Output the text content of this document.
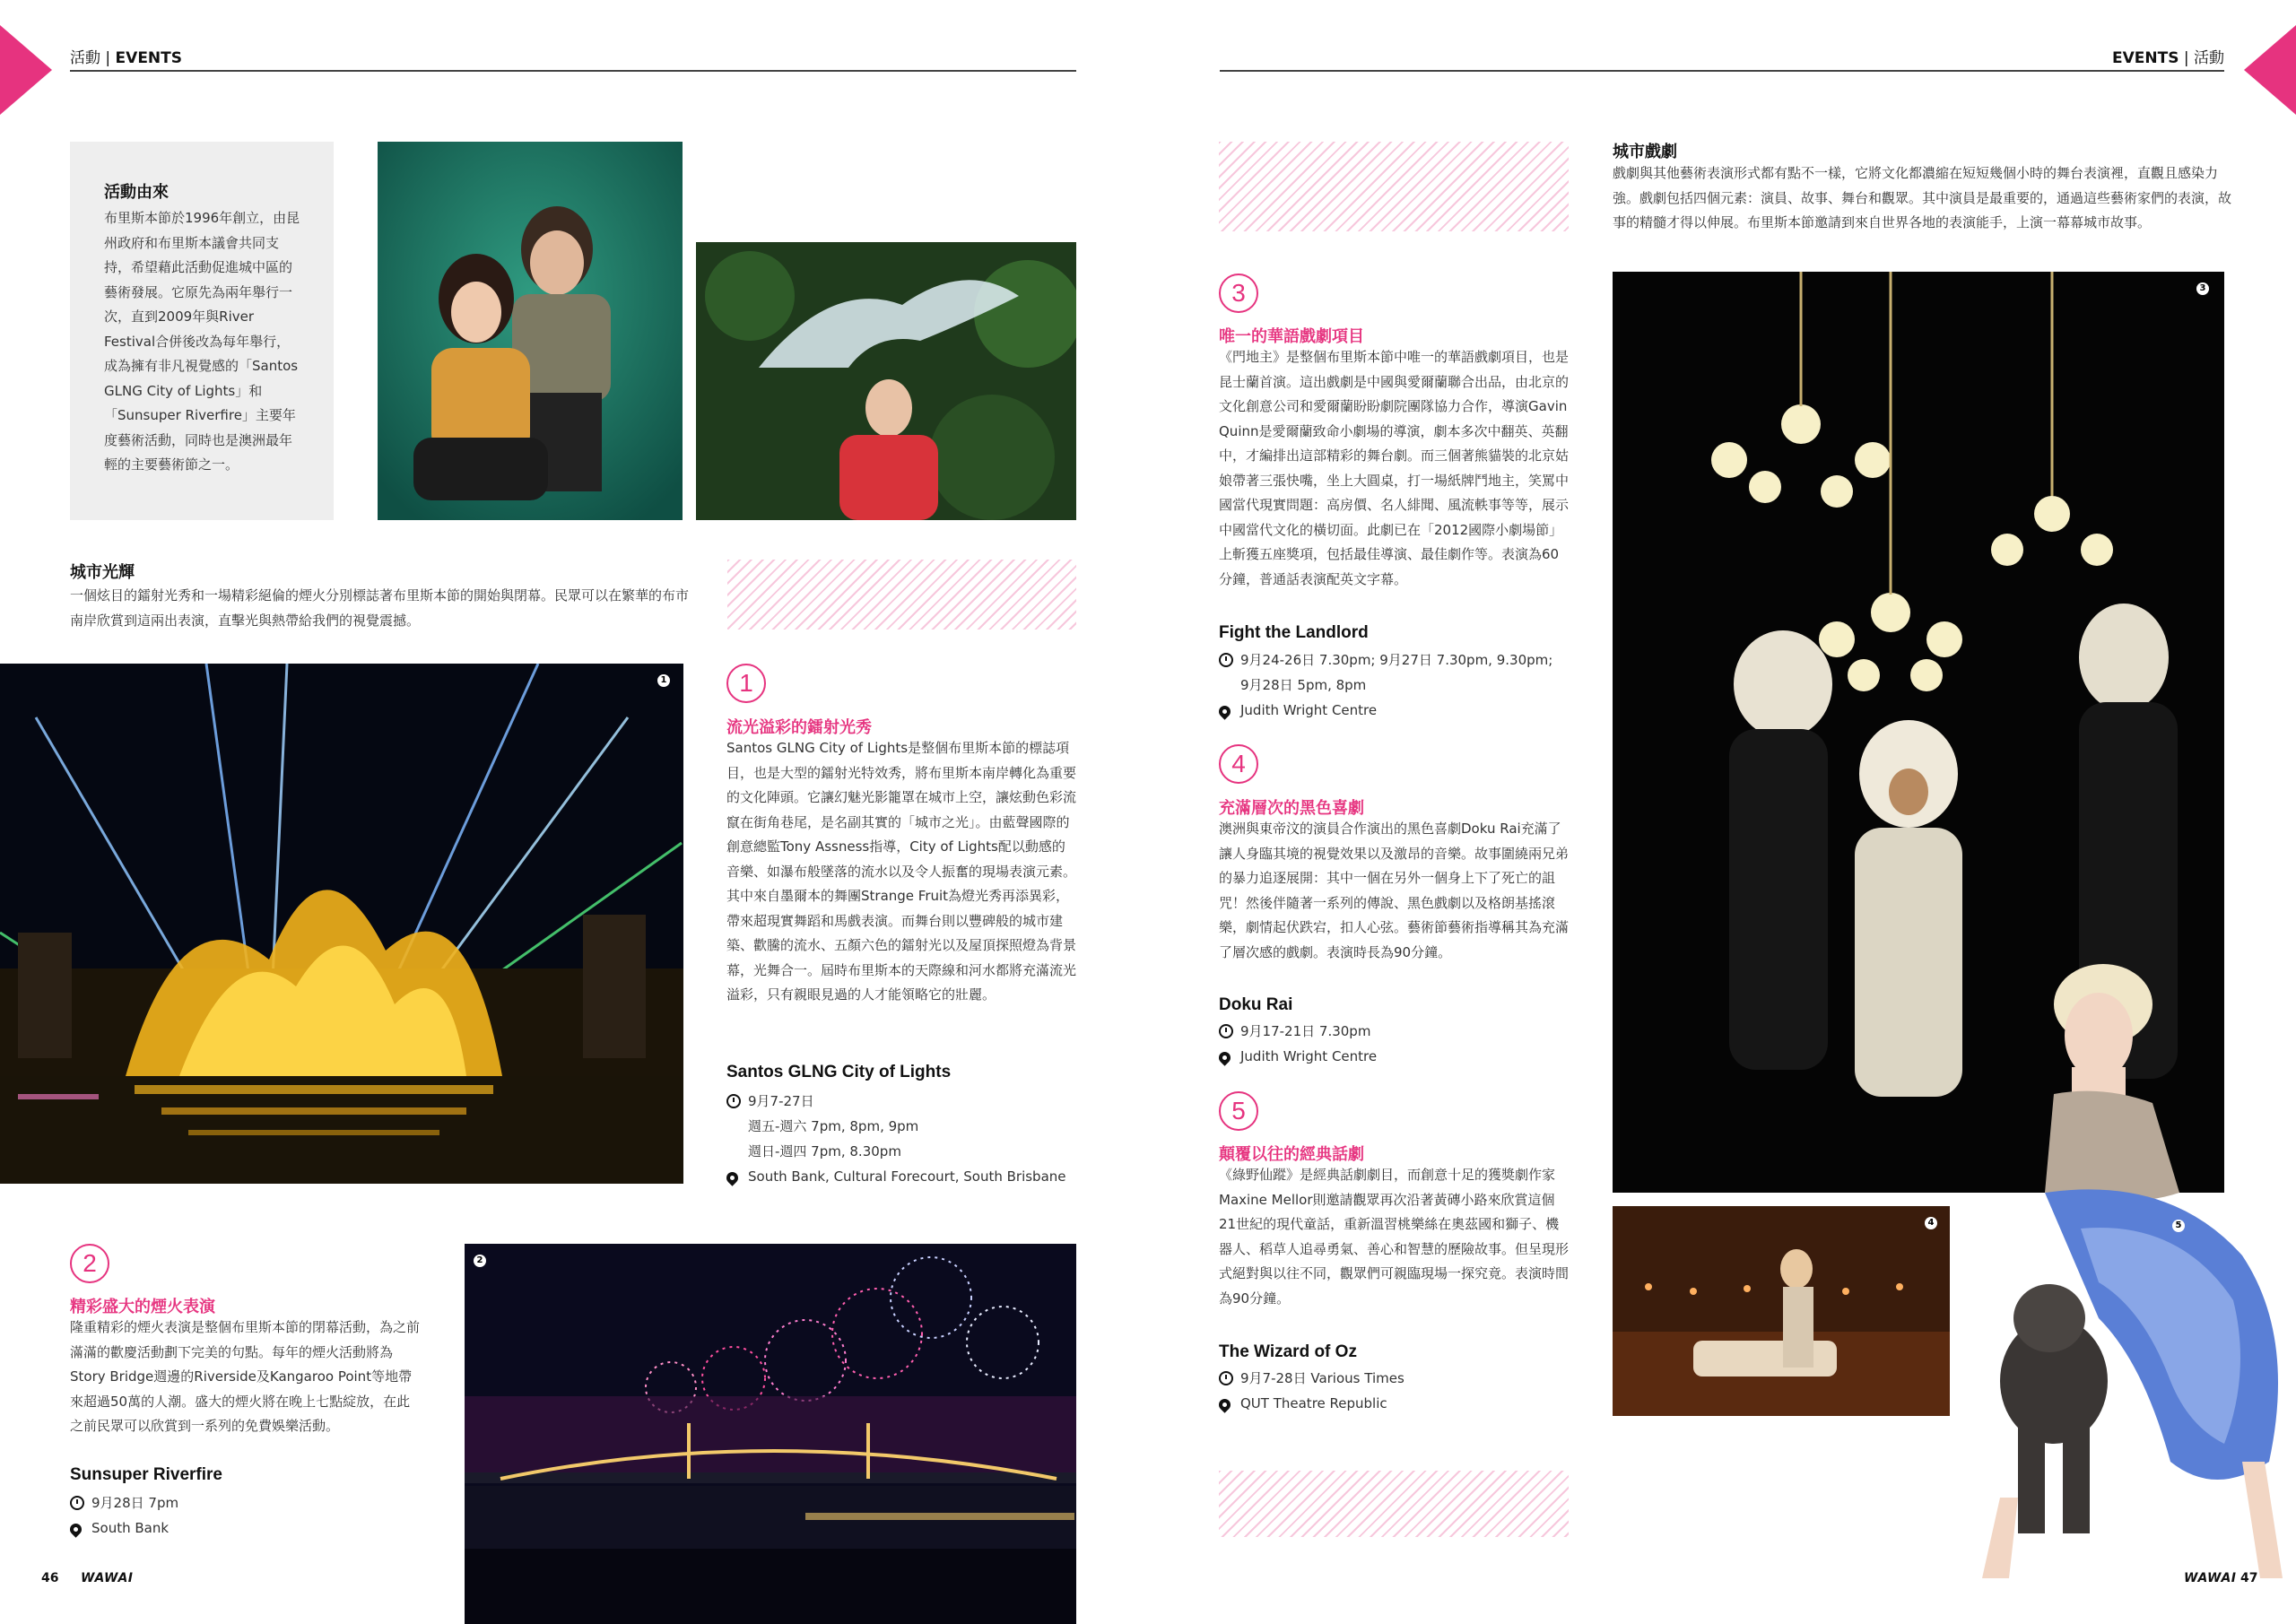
活動 | EVENTS
活動由來
布里斯本節於1996年創立，由昆州政府和布里斯本議會共同支持，希望藉此活動促進城中區的藝術發展。它原先為兩年舉行一次，直到2009年與River Festival合併後改為每年舉行，成為擁有非凡視覺感的「Santos GLNG City of Lights」和「Sunsuper Riverfire」主要年度藝術活動，同時也是澳洲最年輕的主要藝術節之一。
城市光輝
一個炫目的鐳射光秀和一場精彩絕倫的煙火分別標誌著布里斯本節的開始與閉幕。民眾可以在繁華的布市南岸欣賞到這兩出表演，直擊光與熱帶給我們的視覺震撼。
1	1
流光溢彩的鐳射光秀
Santos GLNG City of Lights是整個布里斯本節的標誌項目，也是大型的鐳射光特效秀，將布里斯本南岸轉化為重要的文化陣頭。它讓幻魅光影籠罩在城市上空，讓炫動色彩流竄在街角巷尾，是名副其實的「城市之光」。由藍聲國際的創意總監Tony Assness指導，City of Lights配以動感的音樂、如瀑布般墜落的流水以及令人振奮的現場表演元素。其中來自墨爾本的舞團Strange Fruit為燈光秀再添異彩，帶來超現實舞蹈和馬戲表演。而舞台則以豐碑般的城市建築、歡騰的流水、五顏六色的鐳射光以及屋頂探照燈為背景幕，光舞合一。屆時布里斯本的天際線和河水都將充滿流光溢彩，只有親眼見過的人才能領略它的壯麗。
Santos GLNG City of Lights
9月7-27日
週五-週六 7pm, 8pm, 9pm
週日-週四 7pm, 8.30pm
South Bank, Cultural Forecourt, South Brisbane
2
精彩盛大的煙火表演
隆重精彩的煙火表演是整個布里斯本節的閉幕活動，為之前滿滿的歡慶活動劃下完美的句點。每年的煙火活動將為Story Bridge週邊的Riverside及Kangaroo Point等地帶來超過50萬的人潮。盛大的煙火將在晚上七點綻放，在此之前民眾可以欣賞到一系列的免費娛樂活動。
Sunsuper Riverfire
9月28日 7pm
South Bank
2
46 WAWAI
EVENTS | 活動
城市戲劇
戲劇與其他藝術表演形式都有點不一樣，它將文化都濃縮在短短幾個小時的舞台表演裡，直觀且感染力強。戲劇包括四個元素：演員、故事、舞台和觀眾。其中演員是最重要的，通過這些藝術家們的表演，故事的精髓才得以伸展。布里斯本節邀請到來自世界各地的表演能手，上演一幕幕城市故事。
3
唯一的華語戲劇項目
《門地主》是整個布里斯本節中唯一的華語戲劇項目，也是昆士蘭首演。這出戲劇是中國與愛爾蘭聯合出品，由北京的文化創意公司和愛爾蘭盼盼劇院團隊協力合作，導演Gavin Quinn是愛爾蘭致命小劇場的導演，劇本多次中翻英、英翻中，才編排出這部精彩的舞台劇。而三個著熊貓裝的北京姑娘帶著三張快嘴，坐上大圓桌，打一場紙牌鬥地主，笑罵中國當代現實問題：高房價、名人緋聞、風流軼事等等，展示中國當代文化的橫切面。此劇已在「2012國際小劇場節」上斬獲五座獎項，包括最佳導演、最佳劇作等。表演為60分鐘，普通話表演配英文字幕。
Fight the Landlord
9月24-26日 7.30pm; 9月27日 7.30pm, 9.30pm;
9月28日 5pm, 8pm
Judith Wright Centre
4
充滿層次的黑色喜劇
澳洲與東帝汶的演員合作演出的黑色喜劇Doku Rai充滿了讓人身臨其境的視覺效果以及激昂的音樂。故事圍繞兩兄弟的暴力追逐展開：其中一個在另外一個身上下了死亡的詛咒！然後伴隨著一系列的傳說、黑色戲劇以及格朗基搖滾樂，劇情起伏跌宕，扣人心弦。藝術節藝術指導稱其為充滿了層次感的戲劇。表演時長為90分鐘。
Doku Rai
9月17-21日 7.30pm
Judith Wright Centre
5
顛覆以往的經典話劇
《綠野仙蹤》是經典話劇劇目，而創意十足的獲獎劇作家Maxine Mellor則邀請觀眾再次沿著黃磚小路來欣賞這個21世紀的現代童話，重新溫習桃樂絲在奧茲國和獅子、機器人、稻草人追尋勇氣、善心和智慧的歷險故事。但呈現形式絕對與以往不同，觀眾們可親臨現場一探究竟。表演時間為90分鐘。
The Wizard of Oz
9月7-28日 Various Times
QUT Theatre Republic
3
4	5
WAWAI 47
